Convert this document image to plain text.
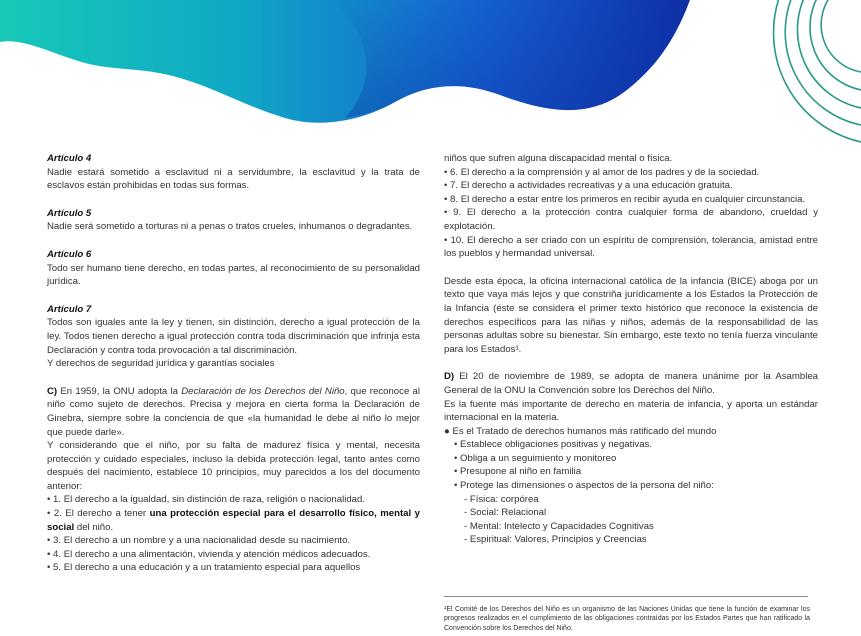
Artículo 4

Nadie estará sometido a esclavitud ni a servidumbre, la esclavitud y la trata de esclavos están prohibidas en todas sus formas.

Artículo 5

Nadie será sometido a torturas ni a penas o tratos crueles, inhumanos o degradantes.

Artículo 6

Todo ser humano tiene derecho, en todas partes, al reconocimiento de su personalidad jurídica.

Artículo 7

Todos son iguales ante la ley y tienen, sin distinción, derecho a igual protección de la ley. Todos tienen derecho a igual protección contra toda discriminación que infrinja esta Declaración y contra toda provocación a tal discriminación.

Y derechos de seguridad jurídica y garantías sociales

C) En 1959, la ONU adopta la Declaración de los Derechos del Niño, que reconoce al niño como sujeto de derechos. Precisa y mejora en cierta forma la Declaración de Ginebra, siempre sobre la conciencia de que «la humanidad le debe al niño lo mejor que puede darle».

Y considerando que el niño, por su falta de madurez física y mental, necesita protección y cuidado especiales, incluso la debida protección legal, tanto antes como después del nacimiento, establece 10 principios, muy parecidos a los del documento anterior:

• 1. El derecho a la igualdad, sin distinción de raza, religión o nacionalidad.

• 2. El derecho a tener una protección especial para el desarrollo físico, mental y social del niño.

• 3. El derecho a un nombre y a una nacionalidad desde su nacimiento.

• 4. El derecho a una alimentación, vivienda y atención médicos adecuados.

• 5. El derecho a una educación y a un tratamiento especial para aquellos

niños que sufren alguna discapacidad mental o física.

• 6. El derecho a la comprensión y al amor de los padres y de la sociedad.

• 7. El derecho a actividades recreativas y a una educación gratuita.

• 8. El derecho a estar entre los primeros en recibir ayuda en cualquier circunstancia.

• 9. El derecho a la protección contra cualquier forma de abandono, crueldad y explotación.

• 10. El derecho a ser criado con un espíritu de comprensión, tolerancia, amistad entre los pueblos y hermandad universal.

Desde esta época, la oficina internacional católica de la infancia (BICE) aboga por un texto que vaya más lejos y que constriña jurídicamente a los Estados la Protección de la Infancia (éste se considera el primer texto histórico que reconoce la existencia de derechos específicos para las niñas y niños, además de la responsabilidad de las personas adultas sobre su bienestar. Sin embargo, este texto no tenía fuerza vinculante para los Estados¹.

D) El 20 de noviembre de 1989, se adopta de manera unánime por la Asamblea General de la ONU la Convención sobre los Derechos del Niño.

Es la fuente más importante de derecho en materia de infancia, y aporta un estándar internacional en la materia.

● Es el Tratado de derechos humanos más ratificado del mundo
• Establece obligaciones positivas y negativas.
• Obliga a un seguimiento y monitoreo
• Presupone al niño en familia
• Protege las dimensiones o aspectos de la persona del niño:
- Física: corpórea
- Social: Relacional
- Mental: Intelecto y Capacidades Cognitivas
- Espiritual: Valores, Principios y Creencias

¹El Comité de los Derechos del Niño es un organismo de las Naciones Unidas que tiene la función de examinar los progresos realizados en el cumplimiento de las obligaciones contraídas por los Estados Partes que han ratificado la Convención sobre los Derechos del Niño.
